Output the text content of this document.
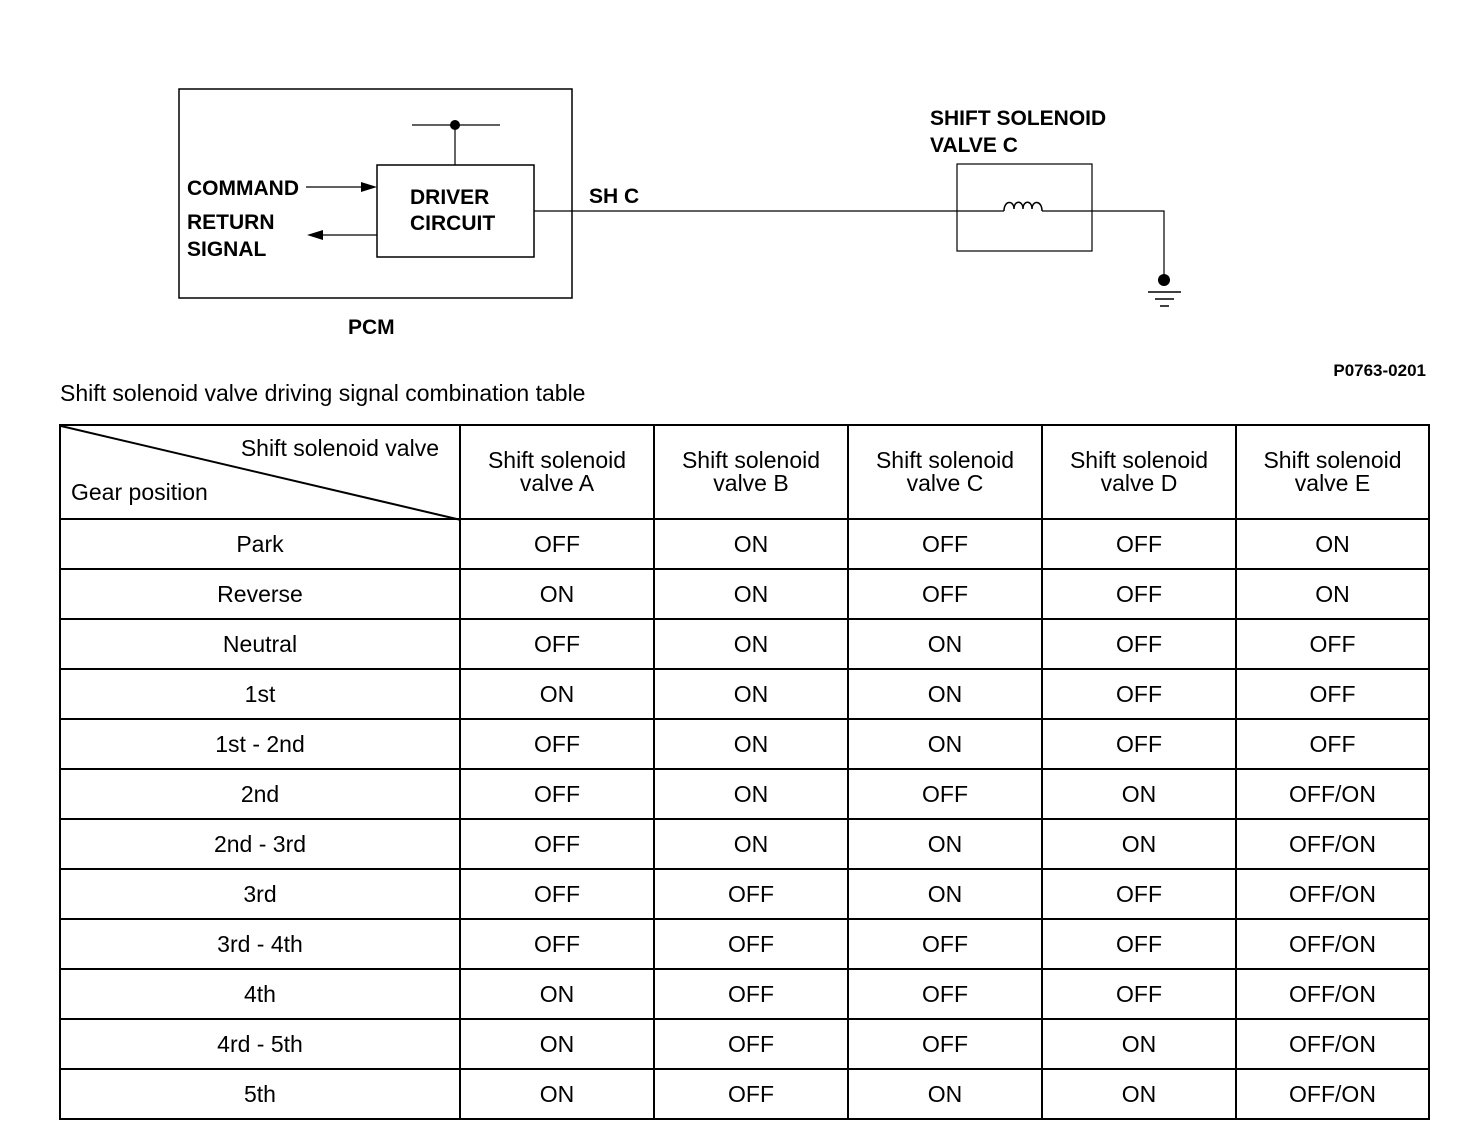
COMMAND
RETURN
SIGNAL
DRIVER
CIRCUIT
PCM
SH C
SHIFT SOLENOID
VALVE C
P0763-0201
Shift solenoid valve driving signal combination table
Shift solenoid valve
Gear position	Shift solenoid
valve A	Shift solenoid
valve B	Shift solenoid
valve C	Shift solenoid
valve D	Shift solenoid
valve E
Park	OFF	ON	OFF	OFF	ON
Reverse	ON	ON	OFF	OFF	ON
Neutral	OFF	ON	ON	OFF	OFF
1st	ON	ON	ON	OFF	OFF
1st - 2nd	OFF	ON	ON	OFF	OFF
2nd	OFF	ON	OFF	ON	OFF/ON
2nd - 3rd	OFF	ON	ON	ON	OFF/ON
3rd	OFF	OFF	ON	OFF	OFF/ON
3rd - 4th	OFF	OFF	OFF	OFF	OFF/ON
4th	ON	OFF	OFF	OFF	OFF/ON
4rd - 5th	ON	OFF	OFF	ON	OFF/ON
5th	ON	OFF	ON	ON	OFF/ON
